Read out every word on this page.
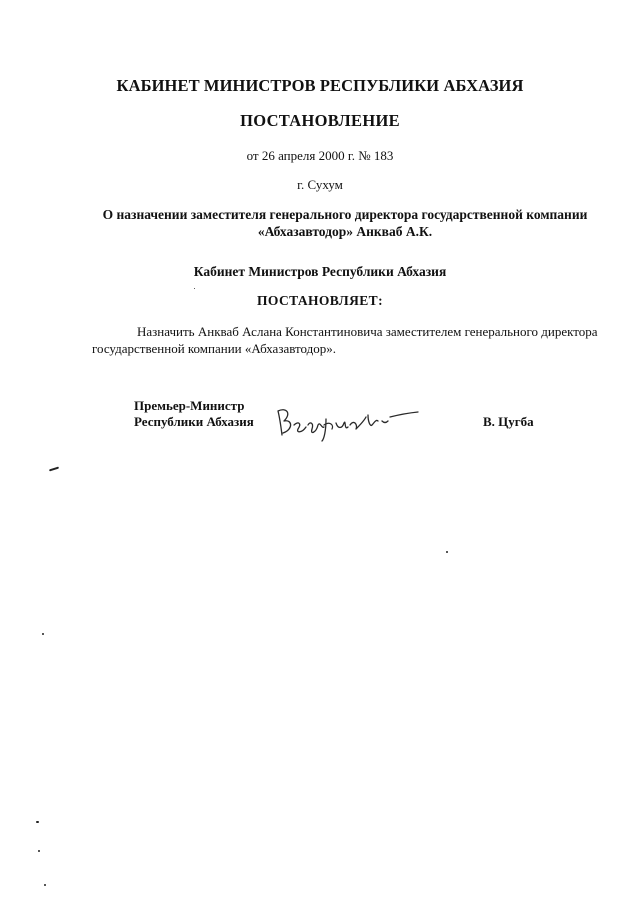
КАБИНЕТ МИНИСТРОВ РЕСПУБЛИКИ АБХАЗИЯ
ПОСТАНОВЛЕНИЕ
от 26 апреля 2000 г. № 183
г. Сухум
О назначении заместителя генерального директора государственной компании
«Абхазавтодор» Анкваб А.К.
Кабинет Министров Республики Абхазия
ПОСТАНОВЛЯЕТ:
Назначить Анкваб Аслана Константиновича заместителем генерального директора
государственной компании «Абхазавтодор».
Премьер-Министр
Республики Абхазия	В. Цугба
